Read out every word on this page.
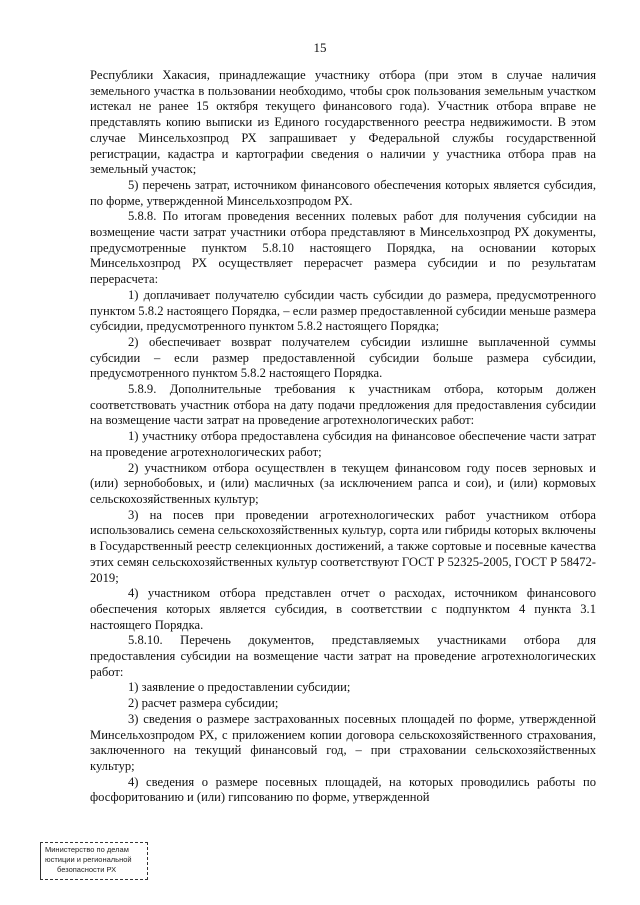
15

Республики Хакасия, принадлежащие участнику отбора (при этом в случае наличия земельного участка в пользовании необходимо, чтобы срок пользования земельным участком истекал не ранее 15 октября текущего финансового года). Участник отбора вправе не представлять копию выписки из Единого государственного реестра недвижимости. В этом случае Минсельхозпрод РХ запрашивает у Федеральной службы государственной регистрации, кадастра и картографии сведения о наличии у участника отбора прав на земельный участок;

5) перечень затрат, источником финансового обеспечения которых является субсидия, по форме, утвержденной Минсельхозпродом РХ.

5.8.8. По итогам проведения весенних полевых работ для получения субсидии на возмещение части затрат участники отбора представляют в Минсельхозпрод РХ документы, предусмотренные пунктом 5.8.10 настоящего Порядка, на основании которых Минсельхозпрод РХ осуществляет перерасчет размера субсидии и по результатам перерасчета:

1) доплачивает получателю субсидии часть субсидии до размера, предусмотренного пунктом 5.8.2 настоящего Порядка, – если размер предоставленной субсидии меньше размера субсидии, предусмотренного пунктом 5.8.2 настоящего Порядка;

2) обеспечивает возврат получателем субсидии излишне выплаченной суммы субсидии – если размер предоставленной субсидии больше размера субсидии, предусмотренного пунктом 5.8.2 настоящего Порядка.

5.8.9. Дополнительные требования к участникам отбора, которым должен соответствовать участник отбора на дату подачи предложения для предоставления субсидии на возмещение части затрат на проведение агротехнологических работ:

1) участнику отбора предоставлена субсидия на финансовое обеспечение части затрат на проведение агротехнологических работ;

2) участником отбора осуществлен в текущем финансовом году посев зерновых и (или) зернобобовых, и (или) масличных (за исключением рапса и сои), и (или) кормовых сельскохозяйственных культур;

3) на посев при проведении агротехнологических работ участником отбора использовались семена сельскохозяйственных культур, сорта или гибриды которых включены в Государственный реестр селекционных достижений, а также сортовые и посевные качества этих семян сельскохозяйственных культур соответствуют ГОСТ Р 52325-2005, ГОСТ Р 58472-2019;

4) участником отбора представлен отчет о расходах, источником финансового обеспечения которых является субсидия, в соответствии с подпунктом 4 пункта 3.1 настоящего Порядка.

5.8.10. Перечень документов, представляемых участниками отбора для предоставления субсидии на возмещение части затрат на проведение агротехнологических работ:

1) заявление о предоставлении субсидии;

2) расчет размера субсидии;

3) сведения о размере застрахованных посевных площадей по форме, утвержденной Минсельхозпродом РХ, с приложением копии договора сельскохозяйственного страхования, заключенного на текущий финансовый год, – при страховании сельскохозяйственных культур;

4) сведения о размере посевных площадей, на которых проводились работы по фосфоритованию и (или) гипсованию по форме, утвержденной

Министерство по делам
юстиции и региональной
безопасности РХ
